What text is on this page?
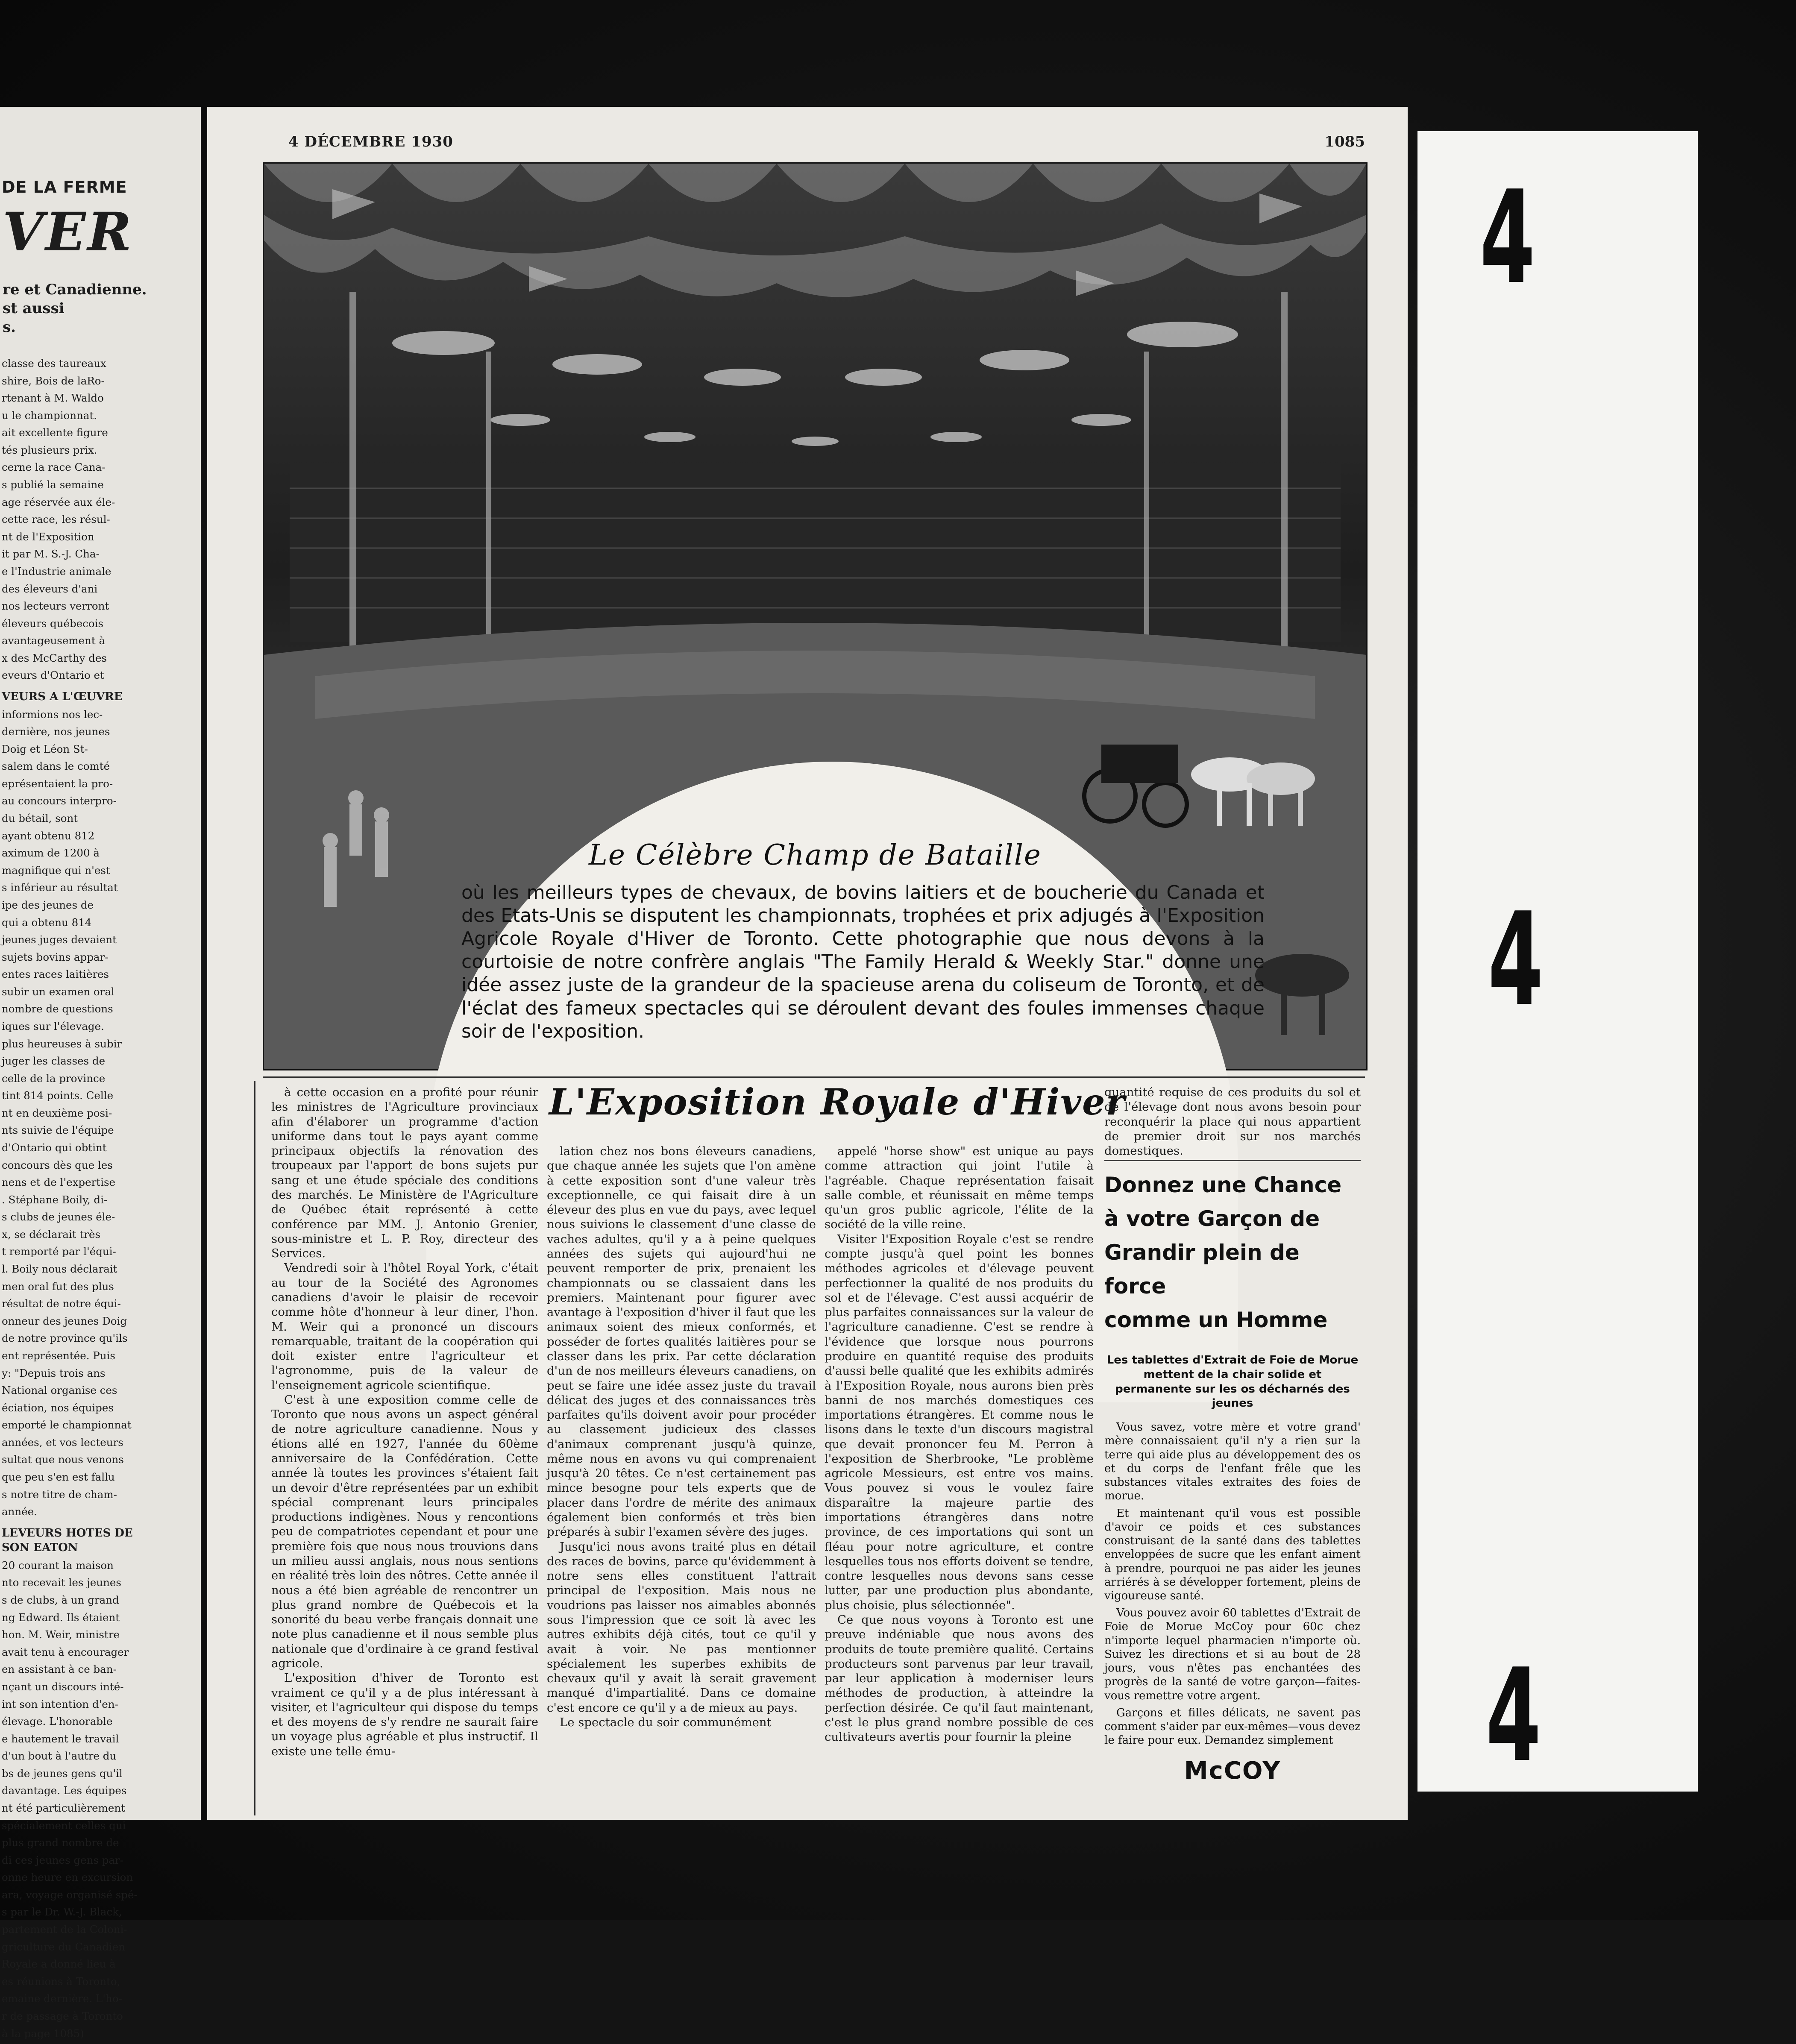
DE LA FERME
VER
re et Canadienne.
st aussi
s.

classe des taureaux

shire, Bois de laRo-

rtenant à M. Waldo

u le championnat.

ait excellente figure

tés plusieurs prix.

cerne la race Cana-

s publié la semaine

age réservée aux éle-

cette race, les résul-

nt de l'Exposition

it par M. S.-J. Cha-

e l'Industrie animale

des éleveurs d'ani

nos lecteurs verront

éleveurs québecois

avantageusement à

x des McCarthy des

eveurs d'Ontario et

VEURS A L'ŒUVRE

informions nos lec-

dernière, nos jeunes

Doig et Léon St-

salem dans le comté

eprésentaient la pro-

au concours interpro-

du bétail, sont

ayant obtenu 812

aximum de 1200 à

magnifique qui n'est

s inférieur au résultat

ipe des jeunes de

qui a obtenu 814

jeunes juges devaient

sujets bovins appar-

entes races laitières

subir un examen oral

nombre de questions

iques sur l'élevage.

plus heureuses à subir

juger les classes de

celle de la province

tint 814 points. Celle

nt en deuxième posi-

nts suivie de l'équipe

d'Ontario qui obtint

concours dès que les

nens et de l'expertise

. Stéphane Boily, di-

s clubs de jeunes éle-

x, se déclarait très

t remporté par l'équi-

l. Boily nous déclarait

men oral fut des plus

résultat de notre équi-

onneur des jeunes Doig

de notre province qu'ils

ent représentée. Puis

y: "Depuis trois ans

National organise ces

éciation, nos équipes

emporté le championnat

années, et vos lecteurs

sultat que nous venons

que peu s'en est fallu

s notre titre de cham-

année.

LEVEURS HOTES DE
SON EATON

20 courant la maison

nto recevait les jeunes

s de clubs, à un grand

ng Edward. Ils étaient

hon. M. Weir, ministre

avait tenu à encourager

en assistant à ce ban-

nçant un discours inté-

int son intention d'en-

élevage. L'honorable

e hautement le travail

d'un bout à l'autre du

bs de jeunes gens qu'il

davantage. Les équipes

nt été particulièrement

spécialement celles qui

plus grand nombre de

di ces jeunes gens par-

onne heure en excursion

ara, voyage organisé spé-

s par le Dr. W.-J. Black,

partement de la Coloni-

griculture du Canadien

Royale a donné lieu à

es réunions à Toronto,

emaine dernière. L'ho-

r de passage à Toronto

à la page 1085)

4 DÉCEMBRE 1930	1085
Le Célèbre Champ de Bataille
où les meilleurs types de chevaux, de bovins laitiers et de boucherie du Canada et des Etats-Unis se disputent les championnats, trophées et prix adjugés à l'Exposition Agricole Royale d'Hiver de Toronto. Cette photographie que nous devons à la courtoisie de notre confrère anglais "The Family Herald & Weekly Star." donne une idée assez juste de la grandeur de la spacieuse arena du coliseum de Toronto, et de l'éclat des fameux spectacles qui se déroulent devant des foules immenses chaque soir de l'exposition.
L'Exposition Royale d'Hiver

à cette occasion en a profité pour réunir les ministres de l'Agriculture provinciaux afin d'élaborer un programme d'action uniforme dans tout le pays ayant comme principaux objectifs la rénovation des troupeaux par l'apport de bons sujets pur sang et une étude spéciale des conditions des marchés. Le Ministère de l'Agriculture de Québec était représenté à cette conférence par MM. J. Antonio Grenier, sous-ministre et L. P. Roy, directeur des Services.

Vendredi soir à l'hôtel Royal York, c'était au tour de la Société des Agronomes canadiens d'avoir le plaisir de recevoir comme hôte d'honneur à leur diner, l'hon. M. Weir qui a prononcé un discours remarquable, traitant de la coopération qui doit exister entre l'agriculteur et l'agronomme, puis de la valeur de l'enseignement agricole scientifique.

C'est à une exposition comme celle de Toronto que nous avons un aspect général de notre agriculture canadienne. Nous y étions allé en 1927, l'année du 60ème anniversaire de la Confédération. Cette année là toutes les provinces s'étaient fait un devoir d'être représentées par un exhibit spécial comprenant leurs principales productions indigènes. Nous y rencontions peu de compatriotes cependant et pour une première fois que nous nous trouvions dans un milieu aussi anglais, nous nous sentions en réalité très loin des nôtres. Cette année il nous a été bien agréable de rencontrer un plus grand nombre de Québecois et la sonorité du beau verbe français donnait une note plus canadienne et il nous semble plus nationale que d'ordinaire à ce grand festival agricole.

L'exposition d'hiver de Toronto est vraiment ce qu'il y a de plus intéressant à visiter, et l'agriculteur qui dispose du temps et des moyens de s'y rendre ne saurait faire un voyage plus agréable et plus instructif. Il existe une telle ému-

lation chez nos bons éleveurs canadiens, que chaque année les sujets que l'on amène à cette exposition sont d'une valeur très exceptionnelle, ce qui faisait dire à un éleveur des plus en vue du pays, avec lequel nous suivions le classement d'une classe de vaches adultes, qu'il y a à peine quelques années des sujets qui aujourd'hui ne peuvent remporter de prix, prenaient les championnats ou se classaient dans les premiers. Maintenant pour figurer avec avantage à l'exposition d'hiver il faut que les animaux soient des mieux conformés, et posséder de fortes qualités laitières pour se classer dans les prix. Par cette déclaration d'un de nos meilleurs éleveurs canadiens, on peut se faire une idée assez juste du travail délicat des juges et des connaissances très parfaites qu'ils doivent avoir pour procéder au classement judicieux des classes d'animaux comprenant jusqu'à quinze, même nous en avons vu qui comprenaient jusqu'à 20 têtes. Ce n'est certainement pas mince besogne pour tels experts que de placer dans l'ordre de mérite des animaux également bien conformés et très bien préparés à subir l'examen sévère des juges.

Jusqu'ici nous avons traité plus en détail des races de bovins, parce qu'évidemment à notre sens elles constituent l'attrait principal de l'exposition. Mais nous ne voudrions pas laisser nos aimables abonnés sous l'impression que ce soit là avec les autres exhibits déjà cités, tout ce qu'il y avait à voir. Ne pas mentionner spécialement les superbes exhibits de chevaux qu'il y avait là serait gravement manqué d'impartialité. Dans ce domaine c'est encore ce qu'il y a de mieux au pays.

Le spectacle du soir communément

appelé "horse show" est unique au pays comme attraction qui joint l'utile à l'agréable. Chaque représentation faisait salle comble, et réunissait en même temps qu'un gros public agricole, l'élite de la société de la ville reine.

Visiter l'Exposition Royale c'est se rendre compte jusqu'à quel point les bonnes méthodes agricoles et d'élevage peuvent perfectionner la qualité de nos produits du sol et de l'élevage. C'est aussi acquérir de plus parfaites connaissances sur la valeur de l'agriculture canadienne. C'est se rendre à l'évidence que lorsque nous pourrons produire en quantité requise des produits d'aussi belle qualité que les exhibits admirés à l'Exposition Royale, nous aurons bien près banni de nos marchés domestiques ces importations étrangères. Et comme nous le lisons dans le texte d'un discours magistral que devait prononcer feu M. Perron à l'exposition de Sherbrooke, "Le problème agricole Messieurs, est entre vos mains. Vous pouvez si vous le voulez faire disparaître la majeure partie des importations étrangères dans notre province, de ces importations qui sont un fléau pour notre agriculture, et contre lesquelles tous nos efforts doivent se tendre, contre lesquelles nous devons sans cesse lutter, par une production plus abondante, plus choisie, plus sélectionnée".

Ce que nous voyons à Toronto est une preuve indéniable que nous avons des produits de toute première qualité. Certains producteurs sont parvenus par leur travail, par leur application à moderniser leurs méthodes de production, à atteindre la perfection désirée. Ce qu'il faut maintenant, c'est le plus grand nombre possible de ces cultivateurs avertis pour fournir la pleine

quantité requise de ces produits du sol et de l'élevage dont nous avons besoin pour reconquérir la place qui nous appartient de premier droit sur nos marchés domestiques.

Donnez une Chance
à votre Garçon de
Grandir plein de force
comme un Homme
Les tablettes d'Extrait de Foie de Morue mettent de la chair solide et permanente sur les os décharnés des jeunes

Vous savez, votre mère et votre grand' mère connaissaient qu'il n'y a rien sur la terre qui aide plus au développement des os et du corps de l'enfant frêle que les substances vitales extraites des foies de morue.

Et maintenant qu'il vous est possible d'avoir ce poids et ces substances construisant de la santé dans des tablettes enveloppées de sucre que les enfant aiment à prendre, pourquoi ne pas aider les jeunes arriérés à se développer fortement, pleins de vigoureuse santé.

Vous pouvez avoir 60 tablettes d'Extrait de Foie de Morue McCoy pour 60c chez n'importe lequel pharmacien n'importe où. Suivez les directions et si au bout de 28 jours, vous n'êtes pas enchantées des progrès de la santé de votre garçon—faites-vous remettre votre argent.

Garçons et filles délicats, ne savent pas comment s'aider par eux-mêmes—vous devez le faire pour eux. Demandez simplement

McCOY
4
4
4
